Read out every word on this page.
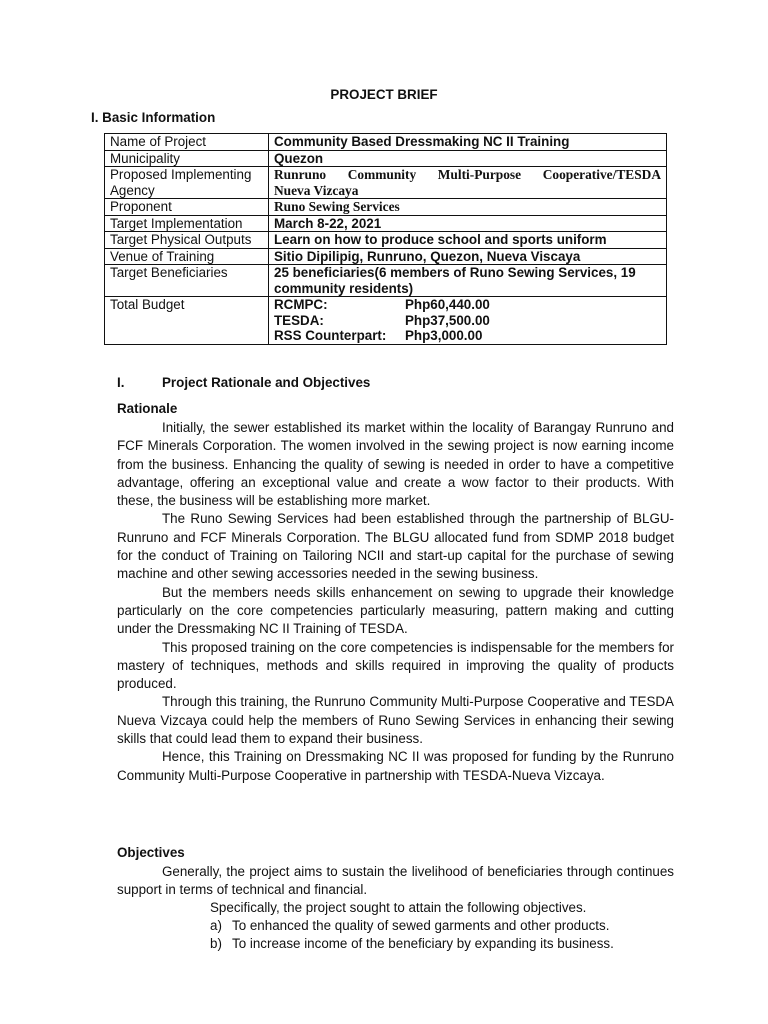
PROJECT BRIEF
I. Basic Information
Name of Project	Community Based Dressmaking NC II Training
Municipality	Quezon
Proposed Implementing Agency	Runruno Community Multi-Purpose Cooperative/TESDA
Nueva Vizcaya

Proponent	Runo Sewing Services
Target Implementation	March 8-22, 2021
Target Physical Outputs	Learn on how to produce school and sports uniform
Venue of Training	Sitio Dipilipig, Runruno, Quezon, Nueva Viscaya
Target Beneficiaries	25 beneficiaries(6 members of Runo Sewing Services, 19 community residents)
Total Budget	RCMPC: Php60,440.00
TESDA: Php37,500.00
RSS Counterpart: Php3,000.00
I.	Project Rationale and Objectives
Rationale

Initially, the sewer established its market within the locality of Barangay Runruno and FCF Minerals Corporation. The women involved in the sewing project is now earning income from the business. Enhancing the quality of sewing is needed in order to have a competitive advantage, offering an exceptional value and create a wow factor to their products. With these, the business will be establishing more market.

The Runo Sewing Services had been established through the partnership of BLGU-Runruno and FCF Minerals Corporation. The BLGU allocated fund from SDMP 2018 budget for the conduct of Training on Tailoring NCII and start-up capital for the purchase of sewing machine and other sewing accessories needed in the sewing business.

But the members needs skills enhancement on sewing to upgrade their knowledge particularly on the core competencies particularly measuring, pattern making and cutting under the Dressmaking NC II Training of TESDA.

This proposed training on the core competencies is indispensable for the members for mastery of techniques, methods and skills required in improving the quality of products produced.

Through this training, the Runruno Community Multi-Purpose Cooperative and TESDA Nueva Vizcaya could help the members of Runo Sewing Services in enhancing their sewing skills that could lead them to expand their business.

Hence, this Training on Dressmaking NC II was proposed for funding by the Runruno Community Multi-Purpose Cooperative in partnership with TESDA-Nueva Vizcaya.

Objectives

Generally, the project aims to sustain the livelihood of beneficiaries through continues support in terms of technical and financial.

Specifically, the project sought to attain the following objectives.
a) To enhanced the quality of sewed garments and other products.
b) To increase income of the beneficiary by expanding its business.
